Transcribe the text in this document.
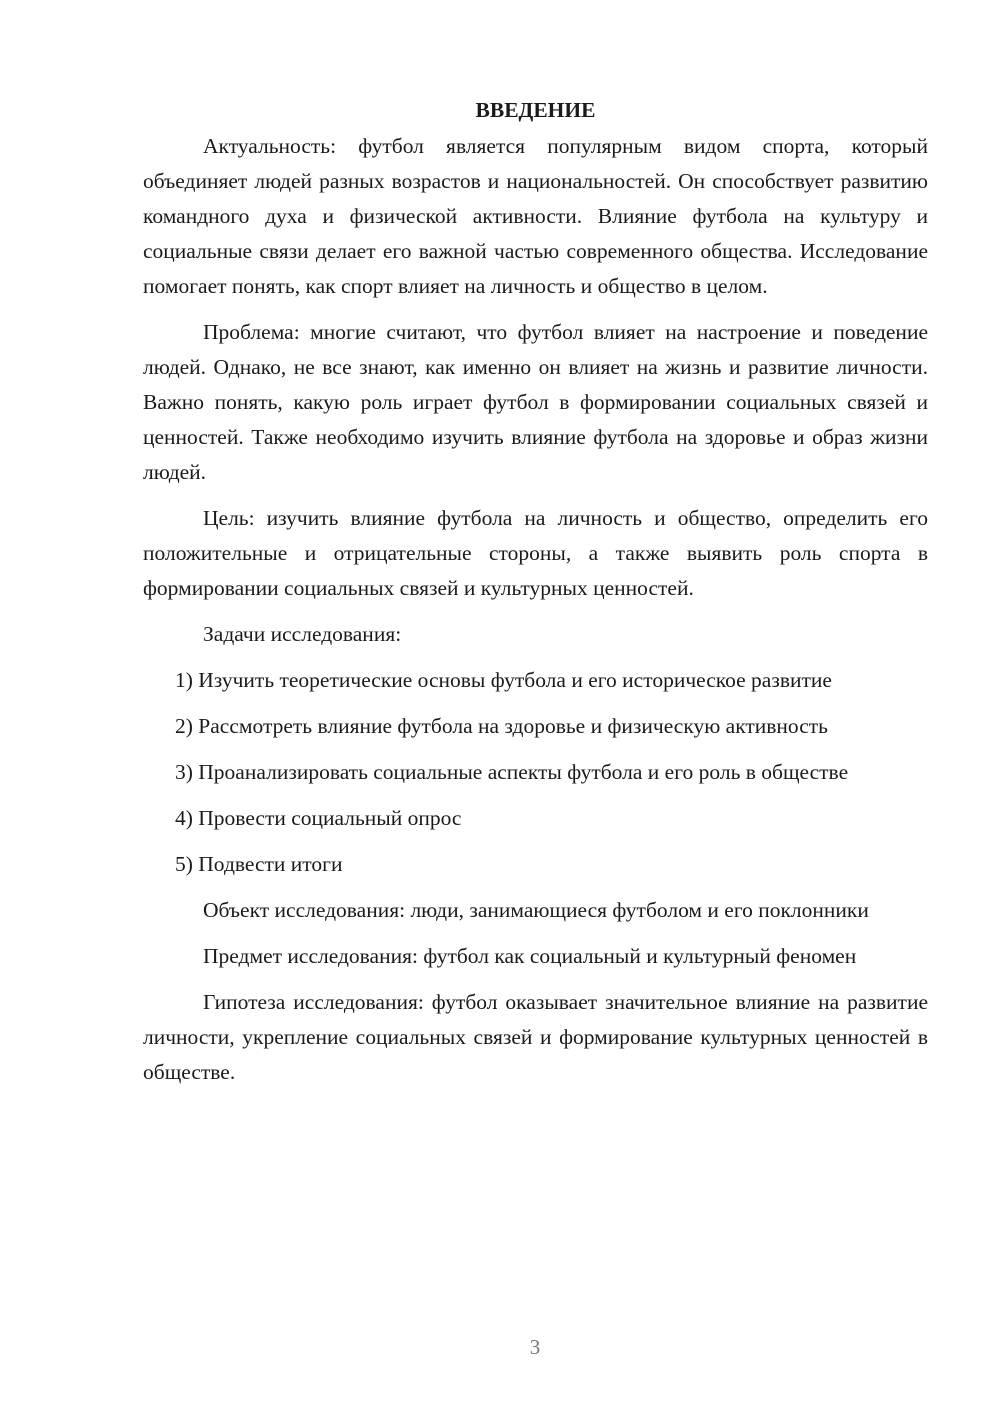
ВВЕДЕНИЕ

Актуальность: футбол является популярным видом спорта, который объединяет людей разных возрастов и национальностей. Он способствует развитию командного духа и физической активности. Влияние футбола на культуру и социальные связи делает его важной частью современного общества. Исследование помогает понять, как спорт влияет на личность и общество в целом.

Проблема: многие считают, что футбол влияет на настроение и поведение людей. Однако, не все знают, как именно он влияет на жизнь и развитие личности. Важно понять, какую роль играет футбол в формировании социальных связей и ценностей. Также необходимо изучить влияние футбола на здоровье и образ жизни людей.

Цель: изучить влияние футбола на личность и общество, определить его положительные и отрицательные стороны, а также выявить роль спорта в формировании социальных связей и культурных ценностей.

Задачи исследования:

1) Изучить теоретические основы футбола и его историческое развитие

2) Рассмотреть влияние футбола на здоровье и физическую активность

3) Проанализировать социальные аспекты футбола и его роль в обществе

4) Провести социальный опрос

5) Подвести итоги

Объект исследования: люди, занимающиеся футболом и его поклонники

Предмет исследования: футбол как социальный и культурный феномен

Гипотеза исследования: футбол оказывает значительное влияние на развитие личности, укрепление социальных связей и формирование культурных ценностей в обществе.

3
